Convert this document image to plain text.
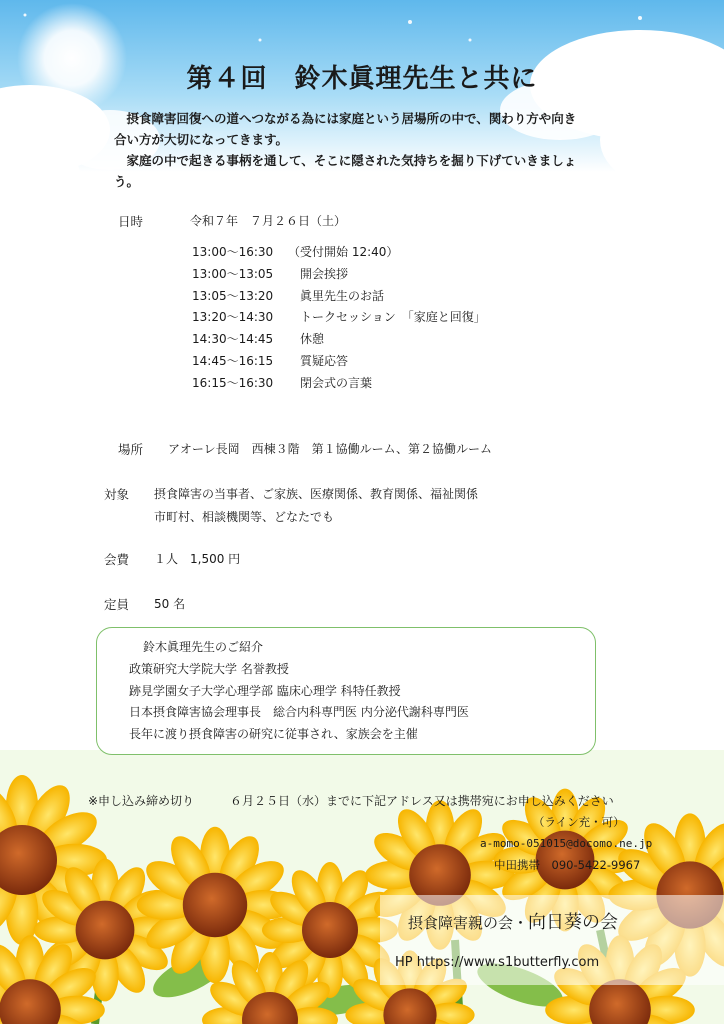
第４回　鈴木眞理先生と共に

　摂食障害回復への道へつながる為には家庭という居場所の中で、関わり方や向き合い方が大切になってきます。

　家庭の中で起きる事柄を通して、そこに隠された気持ちを掘り下げていきましょう。

日時	令和７年　７月２６日（土）
13:00～16:30 （受付開始 12:40）
13:00～13:05 開会挨拶
13:05～13:20 眞里先生のお話
13:20～14:30 トークセッション　「家庭と回復」
14:30～14:45 休憩
14:45～16:15 質疑応答
16:15～16:30 閉会式の言葉
場所 アオーレ長岡　西棟３階　第１協働ルーム、第２協働ルーム
対象 摂食障害の当事者、ご家族、医療関係、教育関係、福祉関係
市町村、相談機関等、どなたでも
会費 １人　1,500 円
定員 50 名
鈴木眞理先生のご紹介
政策研究大学院大学 名誉教授
跡見学園女子大学心理学部 臨床心理学 科特任教授
日本摂食障害協会理事長　総合内科専門医 内分泌代謝科専門医
長年に渡り摂食障害の研究に従事され、家族会を主催
※申し込み締め切り　　　６月２５日（水）までに下記アドレス又は携帯宛にお申し込みください
（ライン充・可）
a-momo-051015@docomo.ne.jp
中田携帯　090-5422-9967
摂食障害親の会・向日葵の会
HP https://www.s1butterfly.com
